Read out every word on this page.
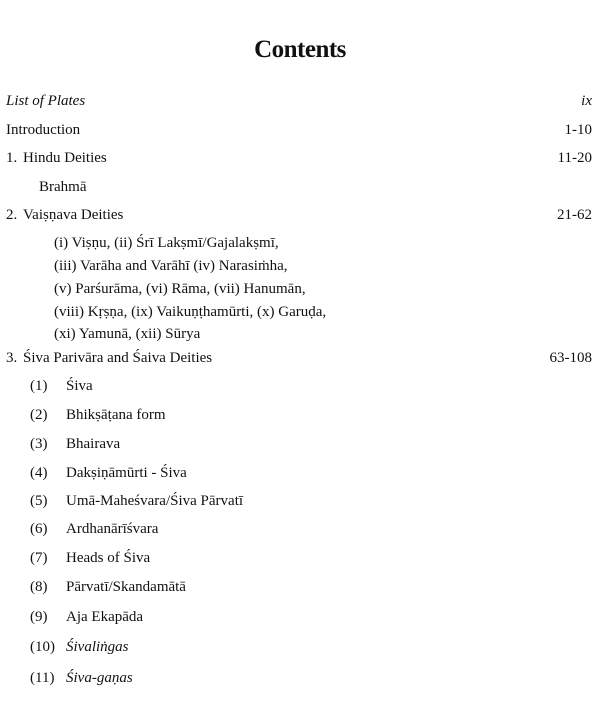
Contents
List of Plates	ix
Introduction	1-10
1. Hindu Deities	11-20
Brahmā
2. Vaiṣṇava Deities	21-62
(i) Viṣṇu, (ii) Śrī Lakṣmī/Gajalakṣmī,
(iii) Varāha and Varāhī (iv) Narasiṁha,
(v) Parśurāma, (vi) Rāma, (vii) Hanumān,
(viii) Kṛṣṇa, (ix) Vaikuṇṭhamūrti, (x) Garuḍa,
(xi) Yamunā, (xii) Sūrya
3. Śiva Parivāra and Śaiva Deities	63-108
(1) Śiva
(2) Bhikṣāṭana form
(3) Bhairava
(4) Dakṣiṇāmūrti - Śiva
(5) Umā-Maheśvara/Śiva Pārvatī
(6) Ardhanārīśvara
(7) Heads of Śiva
(8) Pārvatī/Skandamātā
(9) Aja Ekapāda
(10) Śivaliṅgas
(11) Śiva-gaṇas
